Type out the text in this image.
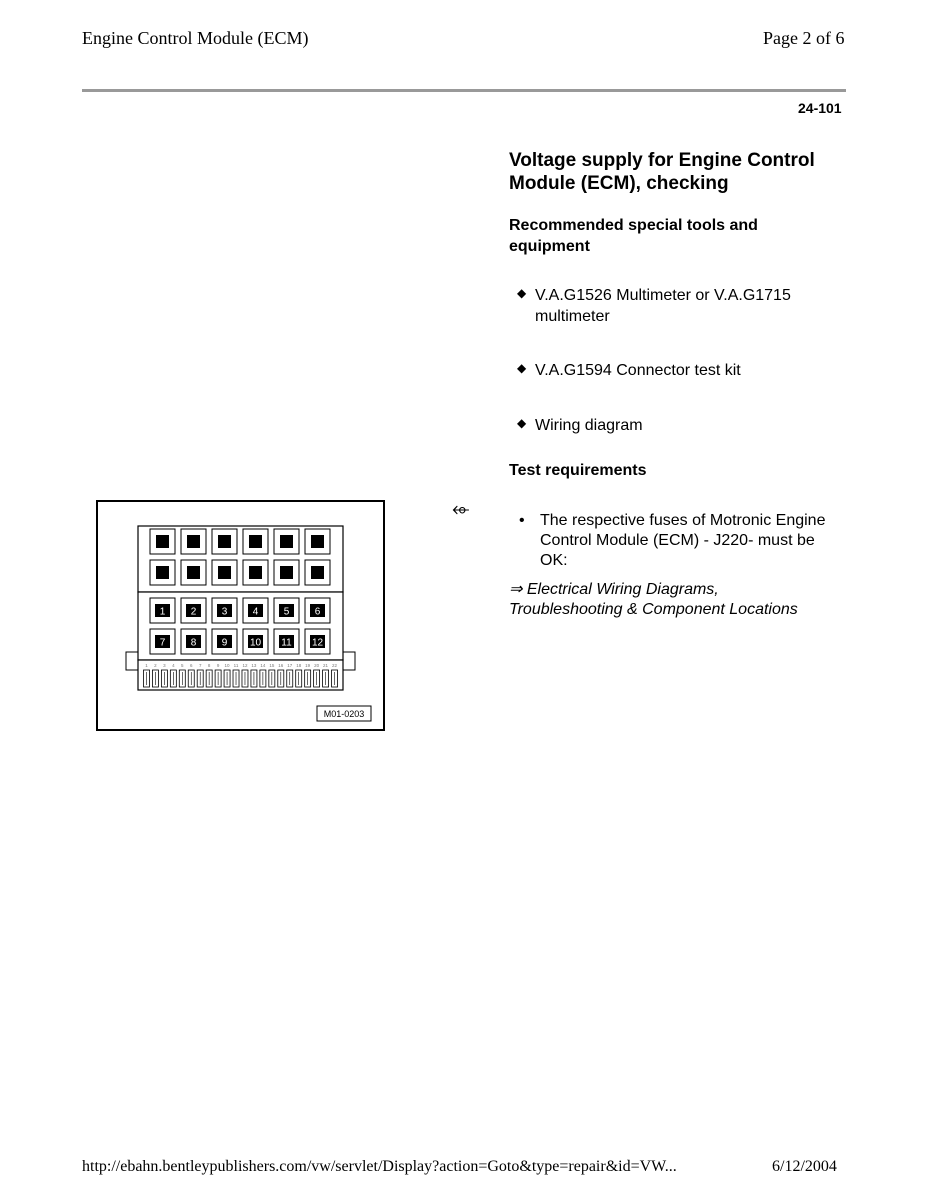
Engine Control Module (ECM)	Page 2 of 6
24-101
Voltage supply for Engine Control Module (ECM), checking
Recommended special tools and equipment
◆ V.A.G1526 Multimeter or V.A.G1715 multimeter
◆ V.A.G1594 Connector test kit
◆ Wiring diagram
Test requirements
⬰	• The respective fuses of Motronic Engine Control Module (ECM) - J220- must be OK:
⇒ Electrical Wiring Diagrams, Troubleshooting & Component Locations
1	2	3	4	5	6
7	8	9 10 11 12
1 2 3 4 5 6 7 8 9 10 11 12 13 14 15 16 17 18 19 20 21 22
M01-0203
http://ebahn.bentleypublishers.com/vw/servlet/Display?action=Goto&type=repair&id=VW...	6/12/2004
